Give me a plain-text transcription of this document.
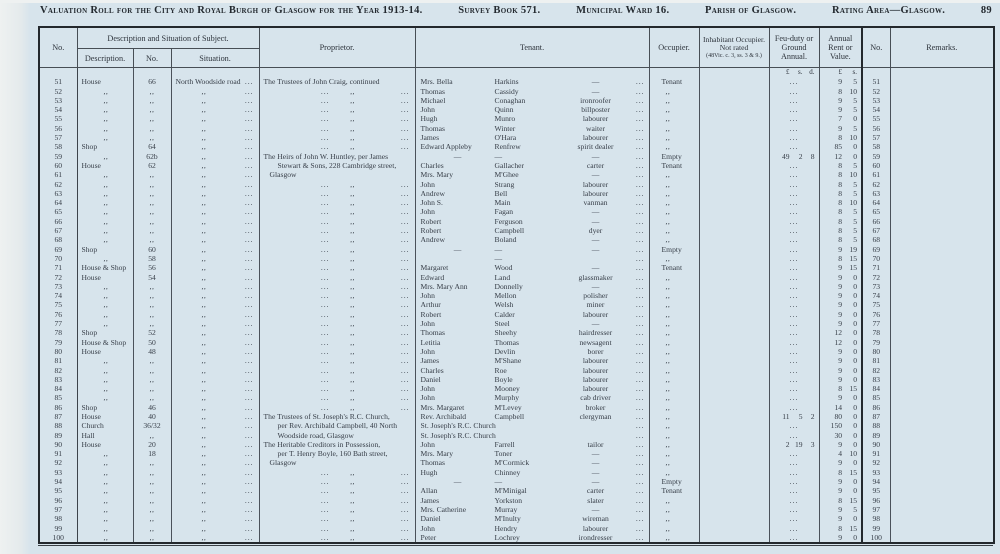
Valuation Roll for the City and Royal Burgh of Glasgow for the Year 1913-14.	Survey Book 571.	Municipal Ward 16.	Parish of Glasgow.	Rating Area—Glasgow.	89
No.	Description and Situation of Subject.			Proprietor.	Tenant.	Occupier.	Inhabitant Occupier.
Not rated
(48Vic. c. 3, ss. 3 & 9.)	Feu-duty or Ground Annual.	Annual Rent or Value.	No.	Remarks.
	Description.	No.	Situation.								
								£ s. d.	£ s.		
51	House	66	North Woodside road ...	The Trustees of John Craig, continued	Mrs. Bella Harkins — ...	Tenant		...	9 5	51	
52	,,	,,	,, ...	... ,, ...	Thomas Cassidy — ...	,,		...	8 10	52	
53	,,	,,	,, ...	... ,, ...	Michael Conaghan ironroofer ...	,,		...	9 5	53	
54	,,	,,	,, ...	... ,, ...	John Quinn billposter ...	,,		...	9 5	54	
55	,,	,,	,, ...	... ,, ...	Hugh Munro labourer ...	,,		...	7 0	55	
56	,,	,,	,, ...	... ,, ...	Thomas Winter waiter ...	,,		...	9 5	56	
57	,,	,,	,, ...	... ,, ...	James O'Hara labourer ...	,,		...	8 10	57	
58	Shop	64	,, ...	... ,, ...	Edward Appleby Renfrew spirit dealer ...	,,		...	85 0	58	
59	,,	62b	,, ...	The Heirs of John W. Huntley, per James	— — — ...	Empty		49 2 8	12 0	59	
60	House	62	,, ...	Stewart & Sons, 228 Cambridge street,	Charles Gallacher carter ...	Tenant		...	8 5	60	
61	,,	,,	,, ...	Glasgow	Mrs. Mary M'Ghee — ...	,,		...	8 10	61	
62	,,	,,	,, ...	... ,, ...	John Strang labourer ...	,,		...	8 5	62	
63	,,	,,	,, ...	... ,, ...	Andrew Bell labourer ...	,,		...	8 5	63	
64	,,	,,	,, ...	... ,, ...	John S. Main vanman ...	,,		...	8 10	64	
65	,,	,,	,, ...	... ,, ...	John Fagan — ...	,,		...	8 5	65	
66	,,	,,	,, ...	... ,, ...	Robert Ferguson — ...	,,		...	8 5	66	
67	,,	,,	,, ...	... ,, ...	Robert Campbell dyer ...	,,		...	8 5	67	
68	,,	,,	,, ...	... ,, ...	Andrew Boland — ...	,,		...	8 5	68	
69	Shop	60	,, ...	... ,, ...	— — — ...	Empty		...	9 19	69	
70	,,	58	,, ...	... ,, ...	— ...	,,		...	8 15	70	
71	House & Shop	56	,, ...	... ,, ...	Margaret Wood — ...	Tenant		...	9 15	71	
72	House	54	,, ...	... ,, ...	Edward Land glassmaker ...	,,		...	9 0	72	
73	,,	,,	,, ...	... ,, ...	Mrs. Mary Ann Donnelly — ...	,,		...	9 0	73	
74	,,	,,	,, ...	... ,, ...	John Mellon polisher ...	,,		...	9 0	74	
75	,,	,,	,, ...	... ,, ...	Arthur Welsh miner ...	,,		...	9 0	75	
76	,,	,,	,, ...	... ,, ...	Robert Calder labourer ...	,,		...	9 0	76	
77	,,	,,	,, ...	... ,, ...	John Steel — ...	,,		...	9 0	77	
78	Shop	52	,, ...	... ,, ...	Thomas Sheehy hairdresser ...	,,		...	12 0	78	
79	House & Shop	50	,, ...	... ,, ...	Letitia Thomas newsagent ...	,,		...	12 0	79	
80	House	48	,, ...	... ,, ...	John Devlin borer ...	,,		...	9 0	80	
81	,,	,,	,, ...	... ,, ...	James M'Shane labourer ...	,,		...	9 0	81	
82	,,	,,	,, ...	... ,, ...	Charles Roe labourer ...	,,		...	9 0	82	
83	,,	,,	,, ...	... ,, ...	Daniel Boyle labourer ...	,,		...	9 0	83	
84	,,	,,	,, ...	... ,, ...	John Mooney labourer ...	,,		...	8 15	84	
85	,,	,,	,, ...	... ,, ...	John Murphy cab driver ...	,,		...	9 0	85	
86	Shop	46	,, ...	... ,, ...	Mrs. Margaret M'Levey broker ...	,,		...	14 0	86	
87	House	40	,, ...	The Trustees of St. Joseph's R.C. Church,	Rev. Archibald Campbell clergyman ...	,,		11 5 2	80 0	87	
88	Church	36/32	,, ...	per Rev. Archibald Campbell, 40 North	St. Joseph's R.C. Church ...	,,		...	150 0	88	
89	Hall	,,	,, ...	Woodside road, Glasgow	St. Joseph's R.C. Church ...	,,		...	30 0	89	
90	House	20	,, ...	The Heritable Creditors in Possession,	John Farrell tailor ...	,,		2 19 3	9 0	90	
91	,,	18	,, ...	per T. Henry Boyle, 160 Bath street,	Mrs. Mary Toner — ...	,,		...	4 10	91	
92	,,	,,	,, ...	Glasgow	Thomas M'Cormick — ...	,,		...	9 0	92	
93	,,	,,	,, ...	... ,, ...	Hugh Chinney — ...	,,		...	8 15	93	
94	,,	,,	,, ...	... ,, ...	— — — ...	Empty		...	9 0	94	
95	,,	,,	,, ...	... ,, ...	Allan M'Minigal carter ...	Tenant		...	9 0	95	
96	,,	,,	,, ...	... ,, ...	James Yorkston slater ...	,,		...	8 15	96	
97	,,	,,	,, ...	... ,, ...	Mrs. Catherine Murray — ...	,,		...	9 5	97	
98	,,	,,	,, ...	... ,, ...	Daniel M'Inulty wireman ...	,,		...	9 0	98	
99	,,	,,	,, ...	... ,, ...	John Hendry labourer ...	,,		...	8 15	99	
100	,,	,,	,, ...	... ,, ...	Peter Lochrey irondresser ...	,,		...	9 0	100	
